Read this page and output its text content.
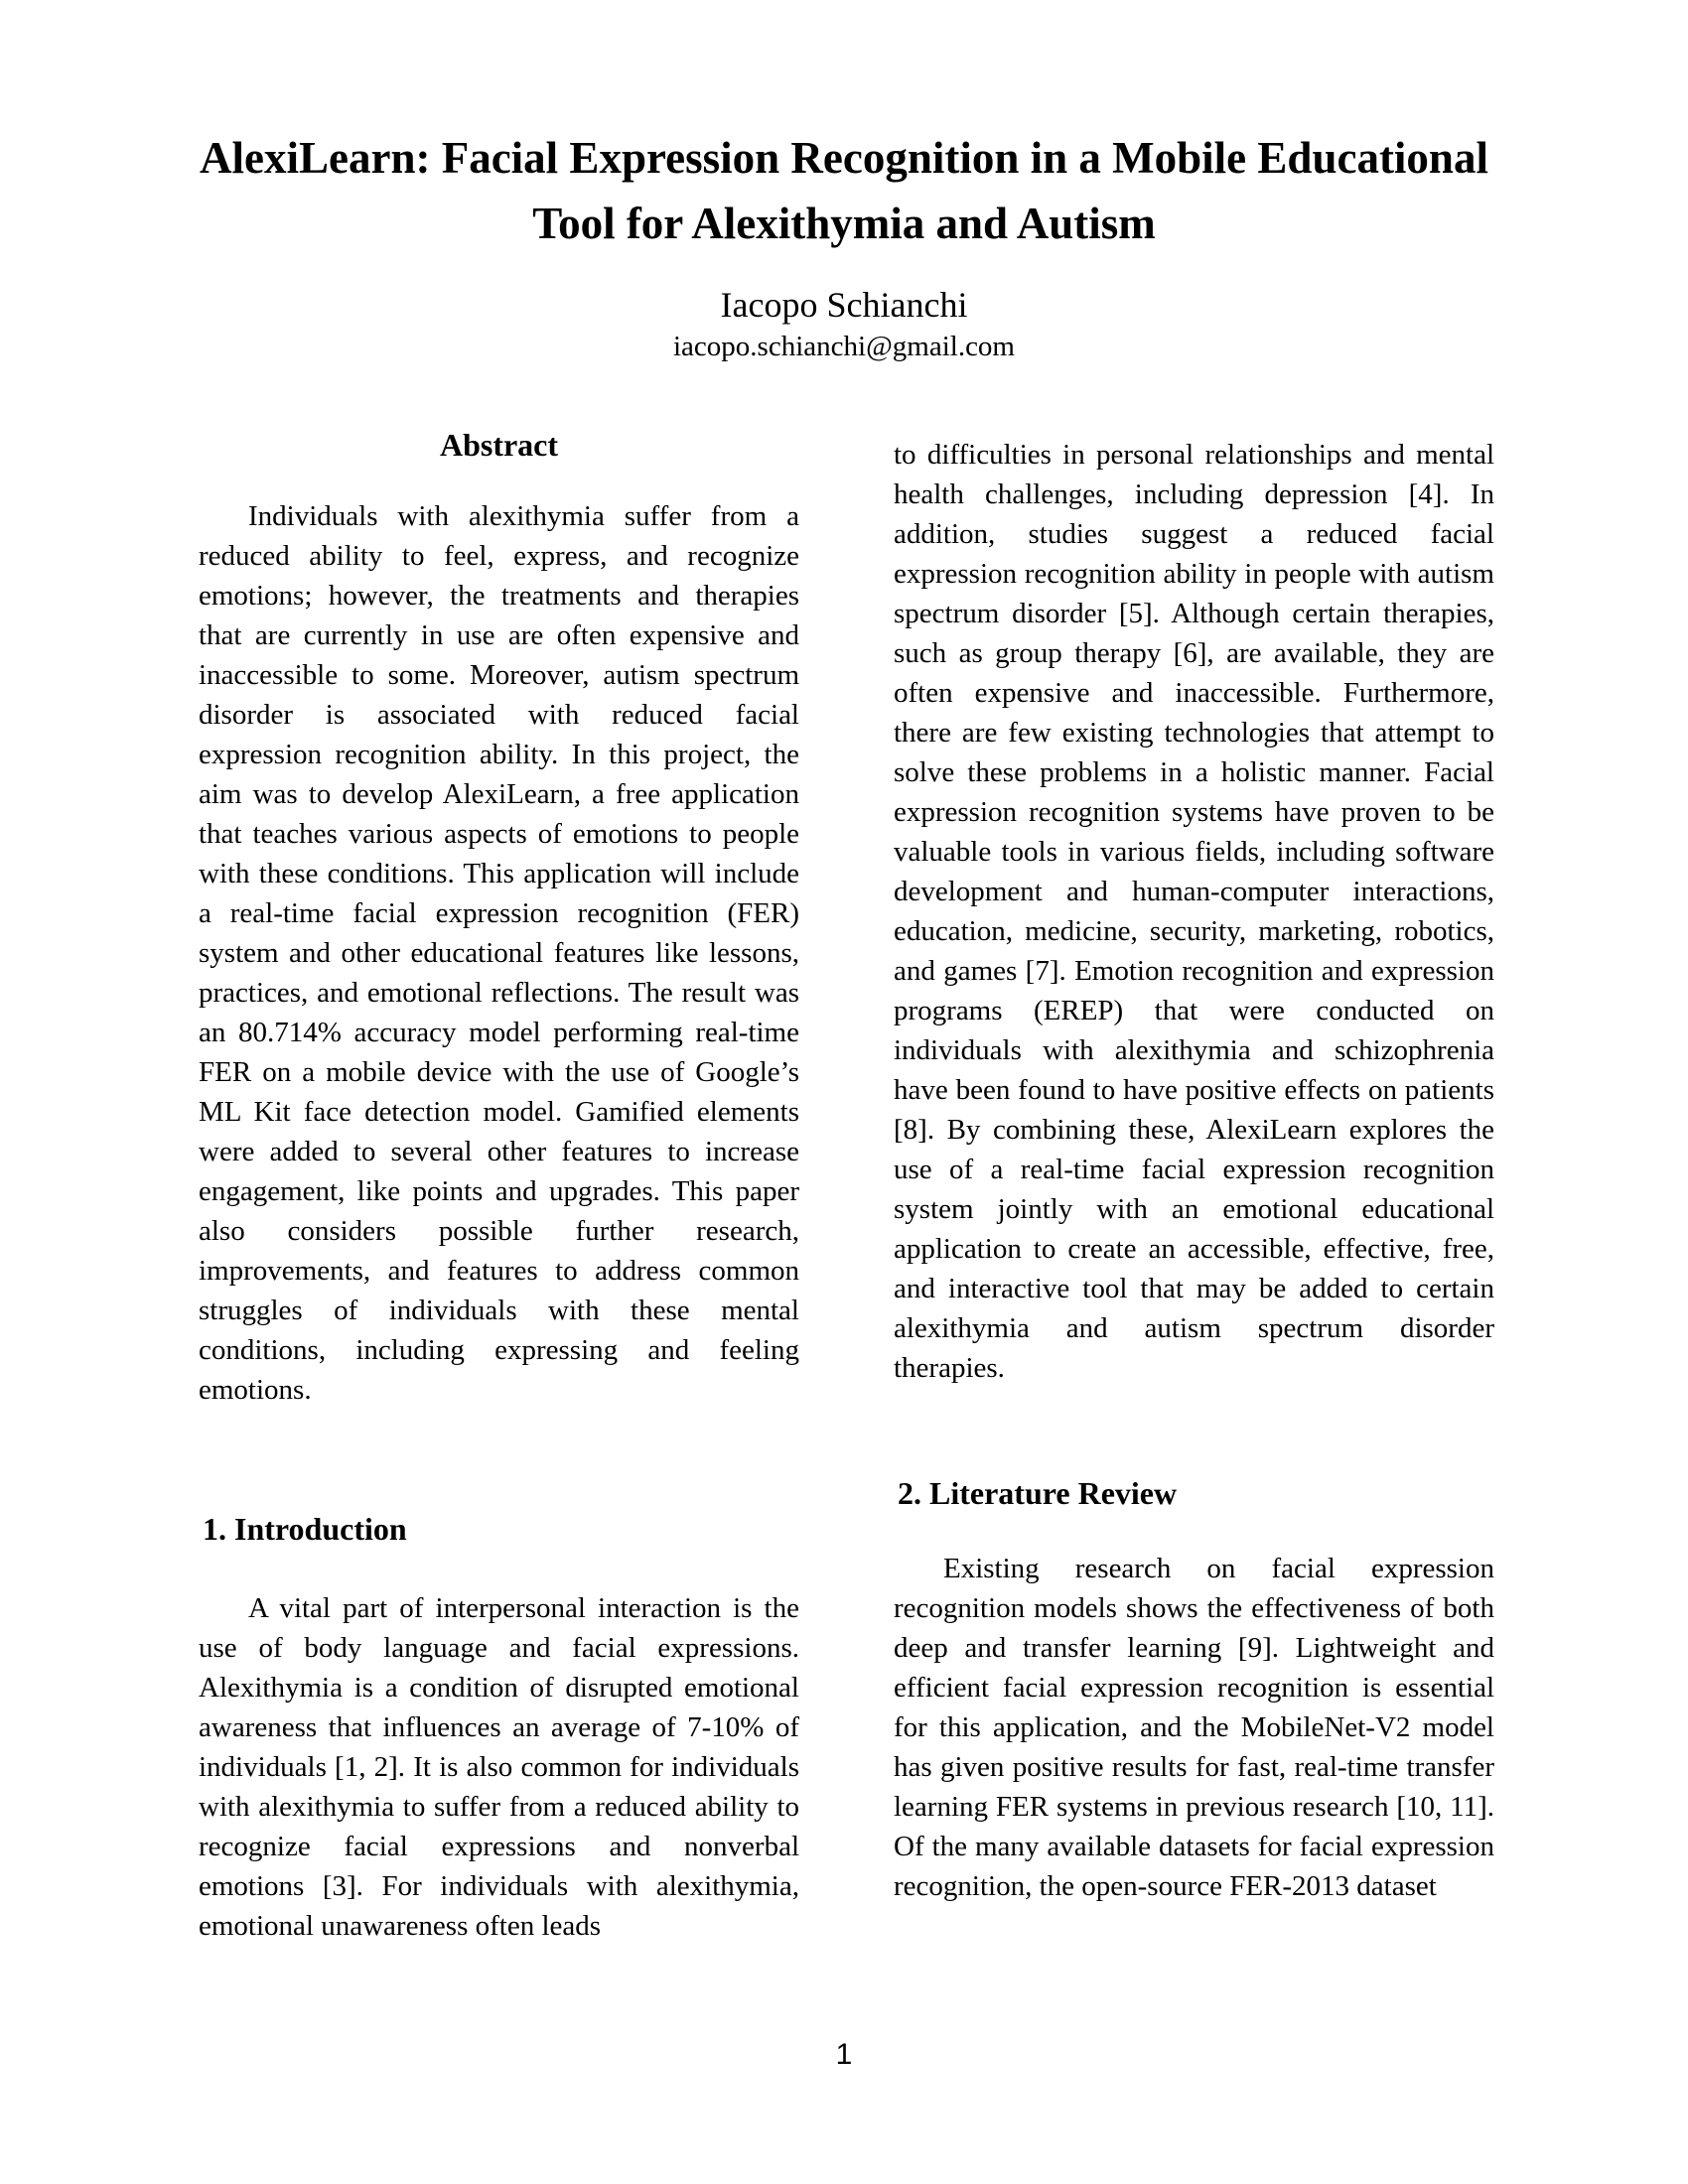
AlexiLearn: Facial Expression Recognition in a Mobile Educational
Tool for Alexithymia and Autism
Iacopo Schianchi
iacopo.schianchi@gmail.com
Abstract

Individuals with alexithymia suffer from a reduced ability to feel, express, and recognize emotions; however, the treatments and therapies that are currently in use are often expensive and inaccessible to some. Moreover, autism spectrum disorder is associated with reduced facial expression recognition ability. In this project, the aim was to develop AlexiLearn, a free application that teaches various aspects of emotions to people with these conditions. This application will include a real-time facial expression recognition (FER) system and other educational features like lessons, practices, and emotional reflections. The result was an 80.714% accuracy model performing real-time FER on a mobile device with the use of Google’s ML Kit face detection model. Gamified elements were added to several other features to increase engagement, like points and upgrades. This paper also considers possible further research, improvements, and features to address common struggles of individuals with these mental conditions, including expressing and feeling emotions.

1. Introduction

A vital part of interpersonal interaction is the use of body language and facial expressions. Alexithymia is a condition of disrupted emotional awareness that influences an average of 7-10% of individuals [1, 2]. It is also common for individuals with alexithymia to suffer from a reduced ability to recognize facial expressions and nonverbal emotions [3]. For individuals with alexithymia, emotional unawareness often leads

to difficulties in personal relationships and mental health challenges, including depression [4]. In addition, studies suggest a reduced facial expression recognition ability in people with autism spectrum disorder [5]. Although certain therapies, such as group therapy [6], are available, they are often expensive and inaccessible. Furthermore, there are few existing technologies that attempt to solve these problems in a holistic manner. Facial expression recognition systems have proven to be valuable tools in various fields, including software development and human-computer interactions, education, medicine, security, marketing, robotics, and games [7]. Emotion recognition and expression programs (EREP) that were conducted on individuals with alexithymia and schizophrenia have been found to have positive effects on patients [8]. By combining these, AlexiLearn explores the use of a real-time facial expression recognition system jointly with an emotional educational application to create an accessible, effective, free, and interactive tool that may be added to certain alexithymia and autism spectrum disorder therapies.

2. Literature Review

Existing research on facial expression recognition models shows the effectiveness of both deep and transfer learning [9]. Lightweight and efficient facial expression recognition is essential for this application, and the MobileNet-V2 model has given positive results for fast, real-time transfer learning FER systems in previous research [10, 11]. Of the many available datasets for facial expression recognition, the open-source FER-2013 dataset

1
